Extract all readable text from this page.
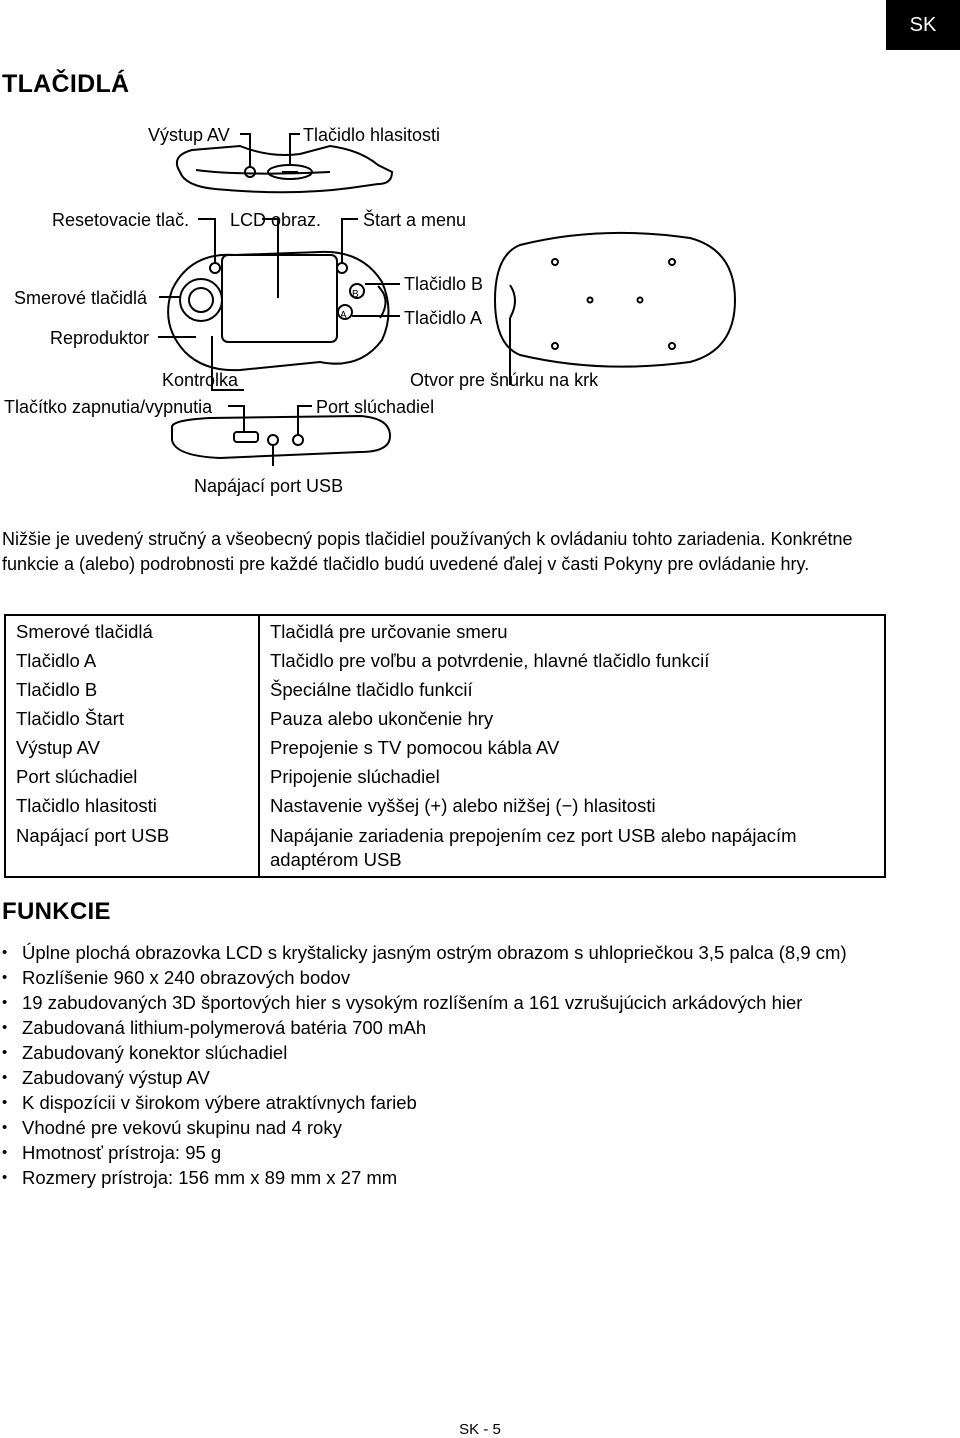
SK
TLAČIDLÁ
B
A
Výstup AV	Tlačidlo hlasitosti
Resetovacie tlač. LCD obraz. Štart a menu
Smerové tlačidlá
Reproduktor
Tlačidlo B
Tlačidlo A
Kontrolka	Otvor pre šnúrku na krk
Tlačítko zapnutia/vypnutia	Port slúchadiel
Napájací port USB

Nižšie je uvedený stručný a všeobecný popis tlačidiel používaných k ovládaniu tohto zariadenia. Konkrétne funkcie a (alebo) podrobnosti pre každé tlačidlo budú uvedené ďalej v časti Pokyny pre ovládanie hry.

Smerové tlačidlá	Tlačidlá pre určovanie smeru
Tlačidlo A	Tlačidlo pre voľbu a potvrdenie, hlavné tlačidlo funkcií
Tlačidlo B	Špeciálne tlačidlo funkcií
Tlačidlo Štart	Pauza alebo ukončenie hry
Výstup AV	Prepojenie s TV pomocou kábla AV
Port slúchadiel	Pripojenie slúchadiel
Tlačidlo hlasitosti	Nastavenie vyššej (+) alebo nižšej (−) hlasitosti
Napájací port USB	Napájanie zariadenia prepojením cez port USB alebo napájacím adaptérom USB
FUNKCIE
• Úplne plochá obrazovka LCD s kryštalicky jasným ostrým obrazom s uhlopriečkou 3,5 palca (8,9 cm)
• Rozlíšenie 960 x 240 obrazových bodov
• 19 zabudovaných 3D športových hier s vysokým rozlíšením a 161 vzrušujúcich arkádových hier
• Zabudovaná lithium-polymerová batéria 700 mAh
• Zabudovaný konektor slúchadiel
• Zabudovaný výstup AV
• K dispozícii v širokom výbere atraktívnych farieb
• Vhodné pre vekovú skupinu nad 4 roky
• Hmotnosť prístroja: 95 g
• Rozmery prístroja: 156 mm x 89 mm x 27 mm
SK - 5
